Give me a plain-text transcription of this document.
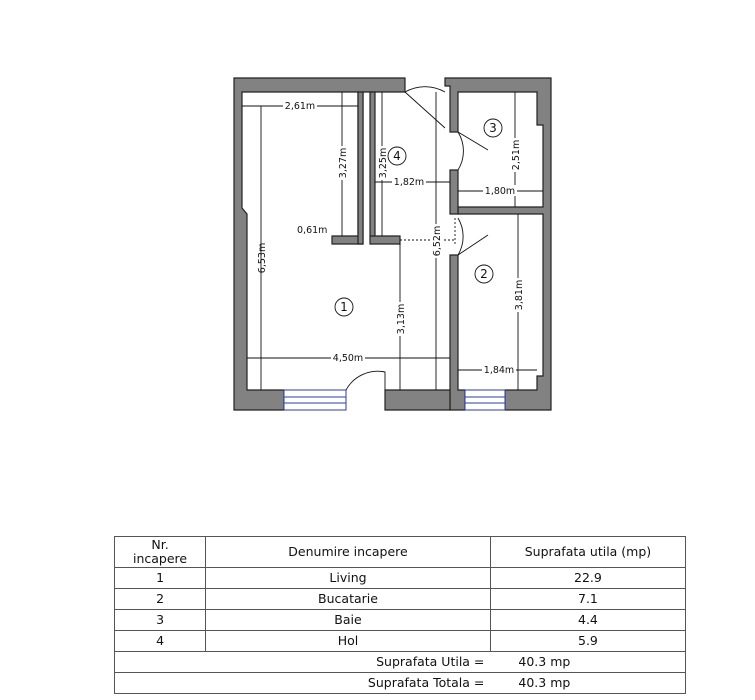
2,61m
6,53m
3,27m
0,61m
3,13m
4,50m
3,25m
1,82m
6,52m
2,51m
1,80m
3,81m
1,84m
1
2
3
4
Nr. incapere	Denumire incapere	Suprafata utila (mp)
1	Living	22.9
2	Bucatarie	7.1
3	Baie	4.4
4	Hol	5.9
Suprafata Utila =		40.3 mp
Suprafata Totala =		40.3 mp
